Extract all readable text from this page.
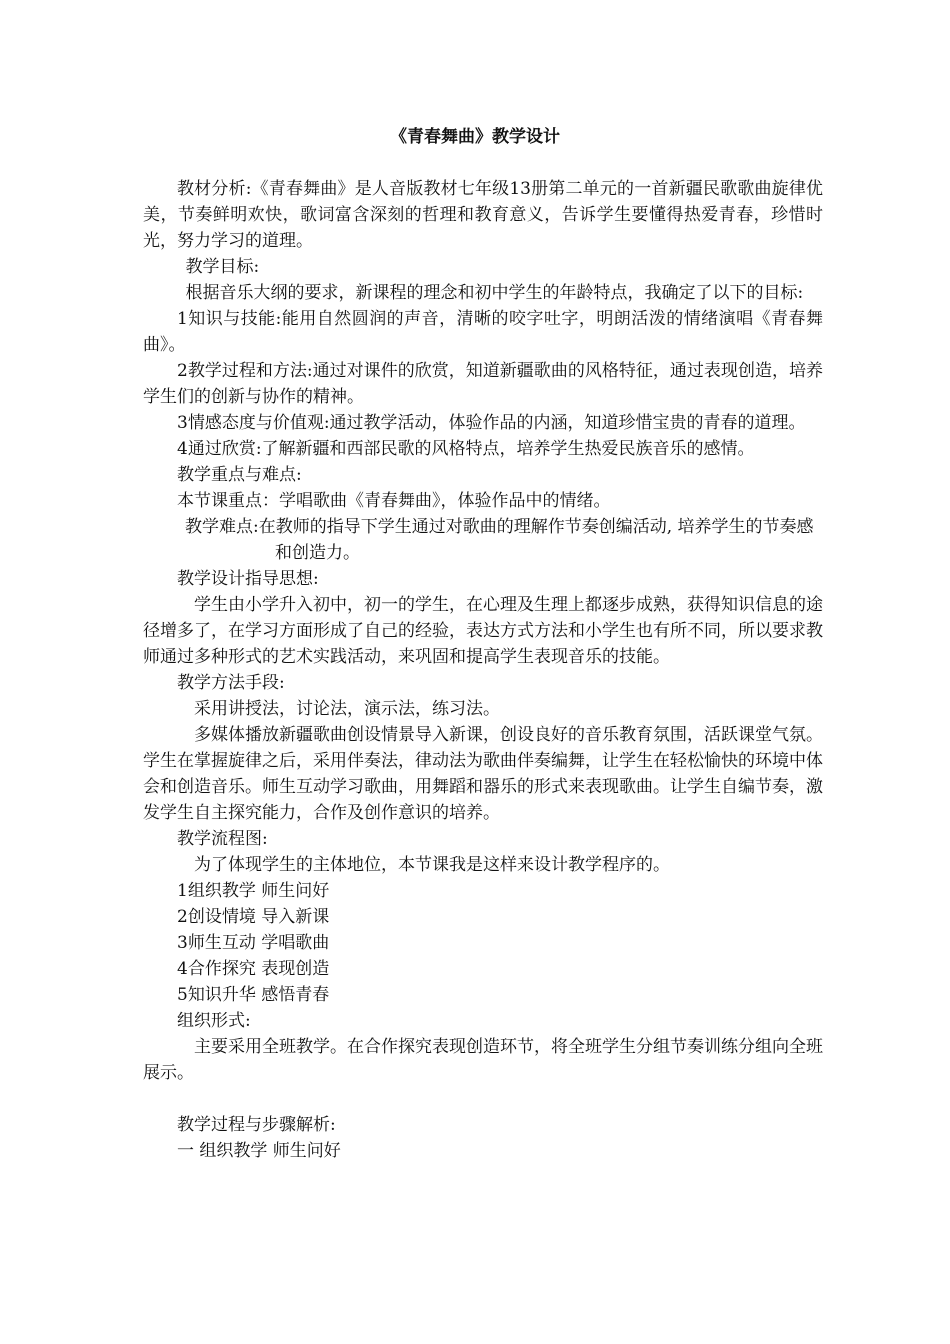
《青春舞曲》教学设计

教材分析:《青春舞曲》是人音版教材七年级13册第二单元的一首新疆民歌歌曲旋律优美，节奏鲜明欢快，歌词富含深刻的哲理和教育意义，告诉学生要懂得热爱青春，珍惜时光，努力学习的道理。

教学目标:

根据音乐大纲的要求，新课程的理念和初中学生的年龄特点，我确定了以下的目标:

1知识与技能:能用自然圆润的声音，清晰的咬字吐字，明朗活泼的情绪演唱《青春舞曲》。

2教学过程和方法:通过对课件的欣赏，知道新疆歌曲的风格特征，通过表现创造，培养学生们的创新与协作的精神。

3情感态度与价值观:通过教学活动，体验作品的内涵，知道珍惜宝贵的青春的道理。

4通过欣赏:了解新疆和西部民歌的风格特点，培养学生热爱民族音乐的感情。

教学重点与难点:

本节课重点：学唱歌曲《青春舞曲》，体验作品中的情绪。

教学难点:在教师的指导下学生通过对歌曲的理解作节奏创编活动, 培养学生的节奏感和创造力。

教学设计指导思想:

学生由小学升入初中，初一的学生，在心理及生理上都逐步成熟，获得知识信息的途径增多了，在学习方面形成了自己的经验，表达方式方法和小学生也有所不同，所以要求教师通过多种形式的艺术实践活动，来巩固和提高学生表现音乐的技能。

教学方法手段:

采用讲授法，讨论法，演示法，练习法。

多媒体播放新疆歌曲创设情景导入新课，创设良好的音乐教育氛围，活跃课堂气氛。学生在掌握旋律之后，采用伴奏法，律动法为歌曲伴奏编舞，让学生在轻松愉快的环境中体会和创造音乐。师生互动学习歌曲，用舞蹈和器乐的形式来表现歌曲。让学生自编节奏，激发学生自主探究能力，合作及创作意识的培养。

教学流程图:

为了体现学生的主体地位，本节课我是这样来设计教学程序的。

1组织教学 师生问好

2创设情境 导入新课

3师生互动 学唱歌曲

4合作探究 表现创造

5知识升华 感悟青春

组织形式:

主要采用全班教学。在合作探究表现创造环节，将全班学生分组节奏训练分组向全班展示。

教学过程与步骤解析:

一 组织教学 师生问好
